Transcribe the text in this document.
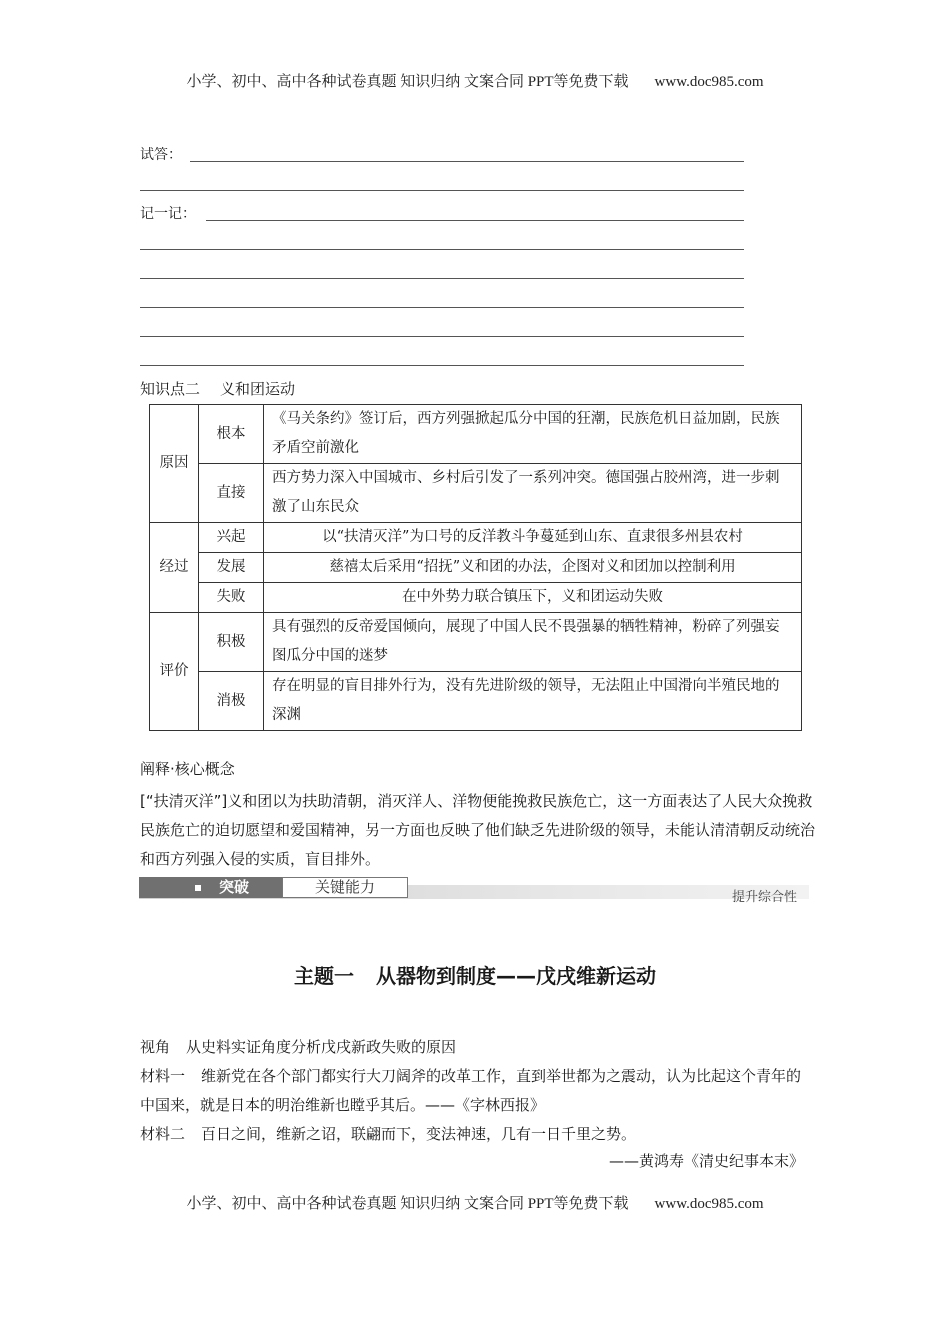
小学、初中、高中各种试卷真题 知识归纳 文案合同 PPT等免费下载 www.doc985.com
试答：
记一记：
知识点二 义和团运动
原因	根本	《马关条约》签订后，西方列强掀起瓜分中国的狂潮，民族危机日益加剧，民族矛盾空前激化
	直接	西方势力深入中国城市、乡村后引发了一系列冲突。德国强占胶州湾，进一步刺激了山东民众
经过	兴起	以“扶清灭洋”为口号的反洋教斗争蔓延到山东、直隶很多州县农村
	发展	慈禧太后采用“招抚”义和团的办法，企图对义和团加以控制利用
	失败	在中外势力联合镇压下，义和团运动失败
评价	积极	具有强烈的反帝爱国倾向，展现了中国人民不畏强暴的牺牲精神，粉碎了列强妄图瓜分中国的迷梦
	消极	存在明显的盲目排外行为，没有先进阶级的领导，无法阻止中国滑向半殖民地的深渊
阐释·核心概念
[“扶清灭洋”]义和团以为扶助清朝，消灭洋人、洋物便能挽救民族危亡，这一方面表达了人民大众挽救民族危亡的迫切愿望和爱国精神，另一方面也反映了他们缺乏先进阶级的领导，未能认清清朝反动统治和西方列强入侵的实质，盲目排外。
突破	关键能力
提升综合性
主题一 从器物到制度——戊戌维新运动
视角 从史料实证角度分析戊戌新政失败的原因
材料一 维新党在各个部门都实行大刀阔斧的改革工作，直到举世都为之震动，认为比起这个青年的中国来，就是日本的明治维新也瞠乎其后。——《字林西报》
材料二 百日之间，维新之诏，联翩而下，变法神速，几有一日千里之势。
——黄鸿寿《清史纪事本末》
小学、初中、高中各种试卷真题 知识归纳 文案合同 PPT等免费下载 www.doc985.com
